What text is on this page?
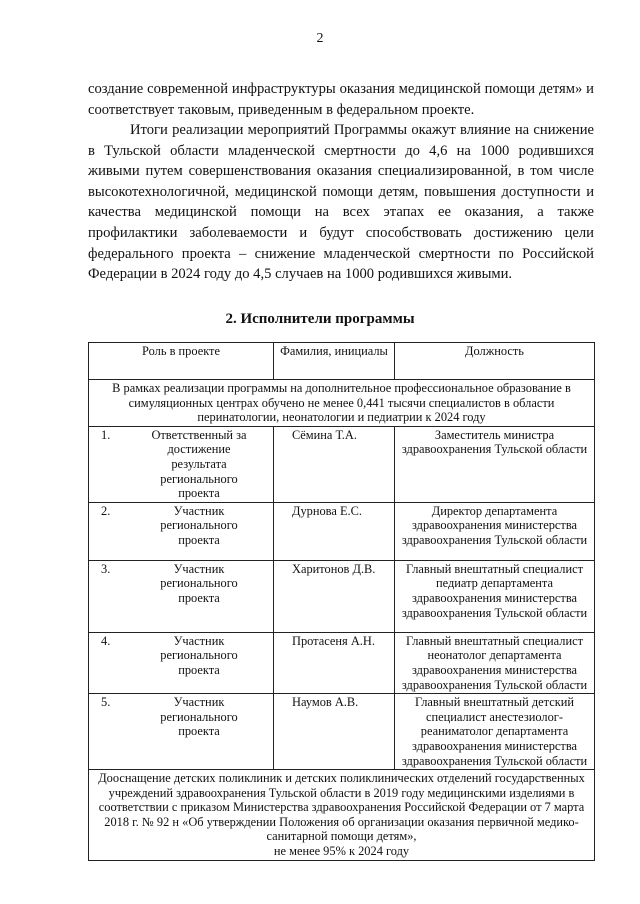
2

создание современной инфраструктуры оказания медицинской помощи детям» и соответствует таковым, приведенным в федеральном проекте.

Итоги реализации мероприятий Программы окажут влияние на снижение в Тульской области младенческой смертности до 4,6 на 1000 родившихся живыми путем совершенствования оказания специализированной, в том числе высокотехнологичной, медицинской помощи детям, повышения доступности и качества медицинской помощи на всех этапах ее оказания, а также профилактики заболеваемости и будут способствовать достижению цели федерального проекта – снижение младенческой смертности по Российской Федерации в 2024 году до 4,5 случаев на 1000 родившихся живыми.

2. Исполнители программы
Роль в проекте	Фамилия, инициалы	Должность
В рамках реализации программы на дополнительное профессиональное образование в симуляционных центрах обучено не менее 0,441 тысячи специалистов в области перинатологии, неонатологии и педиатрии к 2024 году		
1. Ответственный за достижение результата регионального проекта	Сёмина Т.А.	Заместитель министра здравоохранения Тульской области
2. Участник регионального проекта	Дурнова Е.С.	Директор департамента здравоохранения министерства здравоохранения Тульской области
3. Участник регионального проекта	Харитонов Д.В.	Главный внештатный специалист педиатр департамента здравоохранения министерства здравоохранения Тульской области
4. Участник регионального проекта	Протасеня А.Н.	Главный внештатный специалист неонатолог департамента здравоохранения министерства здравоохранения Тульской области
5. Участник регионального проекта	Наумов А.В.	Главный внештатный детский специалист анестезиолог-реаниматолог департамента здравоохранения министерства здравоохранения Тульской области

Дооснащение детских поликлиник и детских поликлинических отделений государственных учреждений здравоохранения Тульской области в 2019 году медицинскими изделиями в соответствии с приказом Министерства здравоохранения Российской Федерации от 7 марта 2018 г. № 92 н «Об утверждении Положения об организации оказания первичной медико-санитарной помощи детям»,
не менее 95% к 2024 году		
